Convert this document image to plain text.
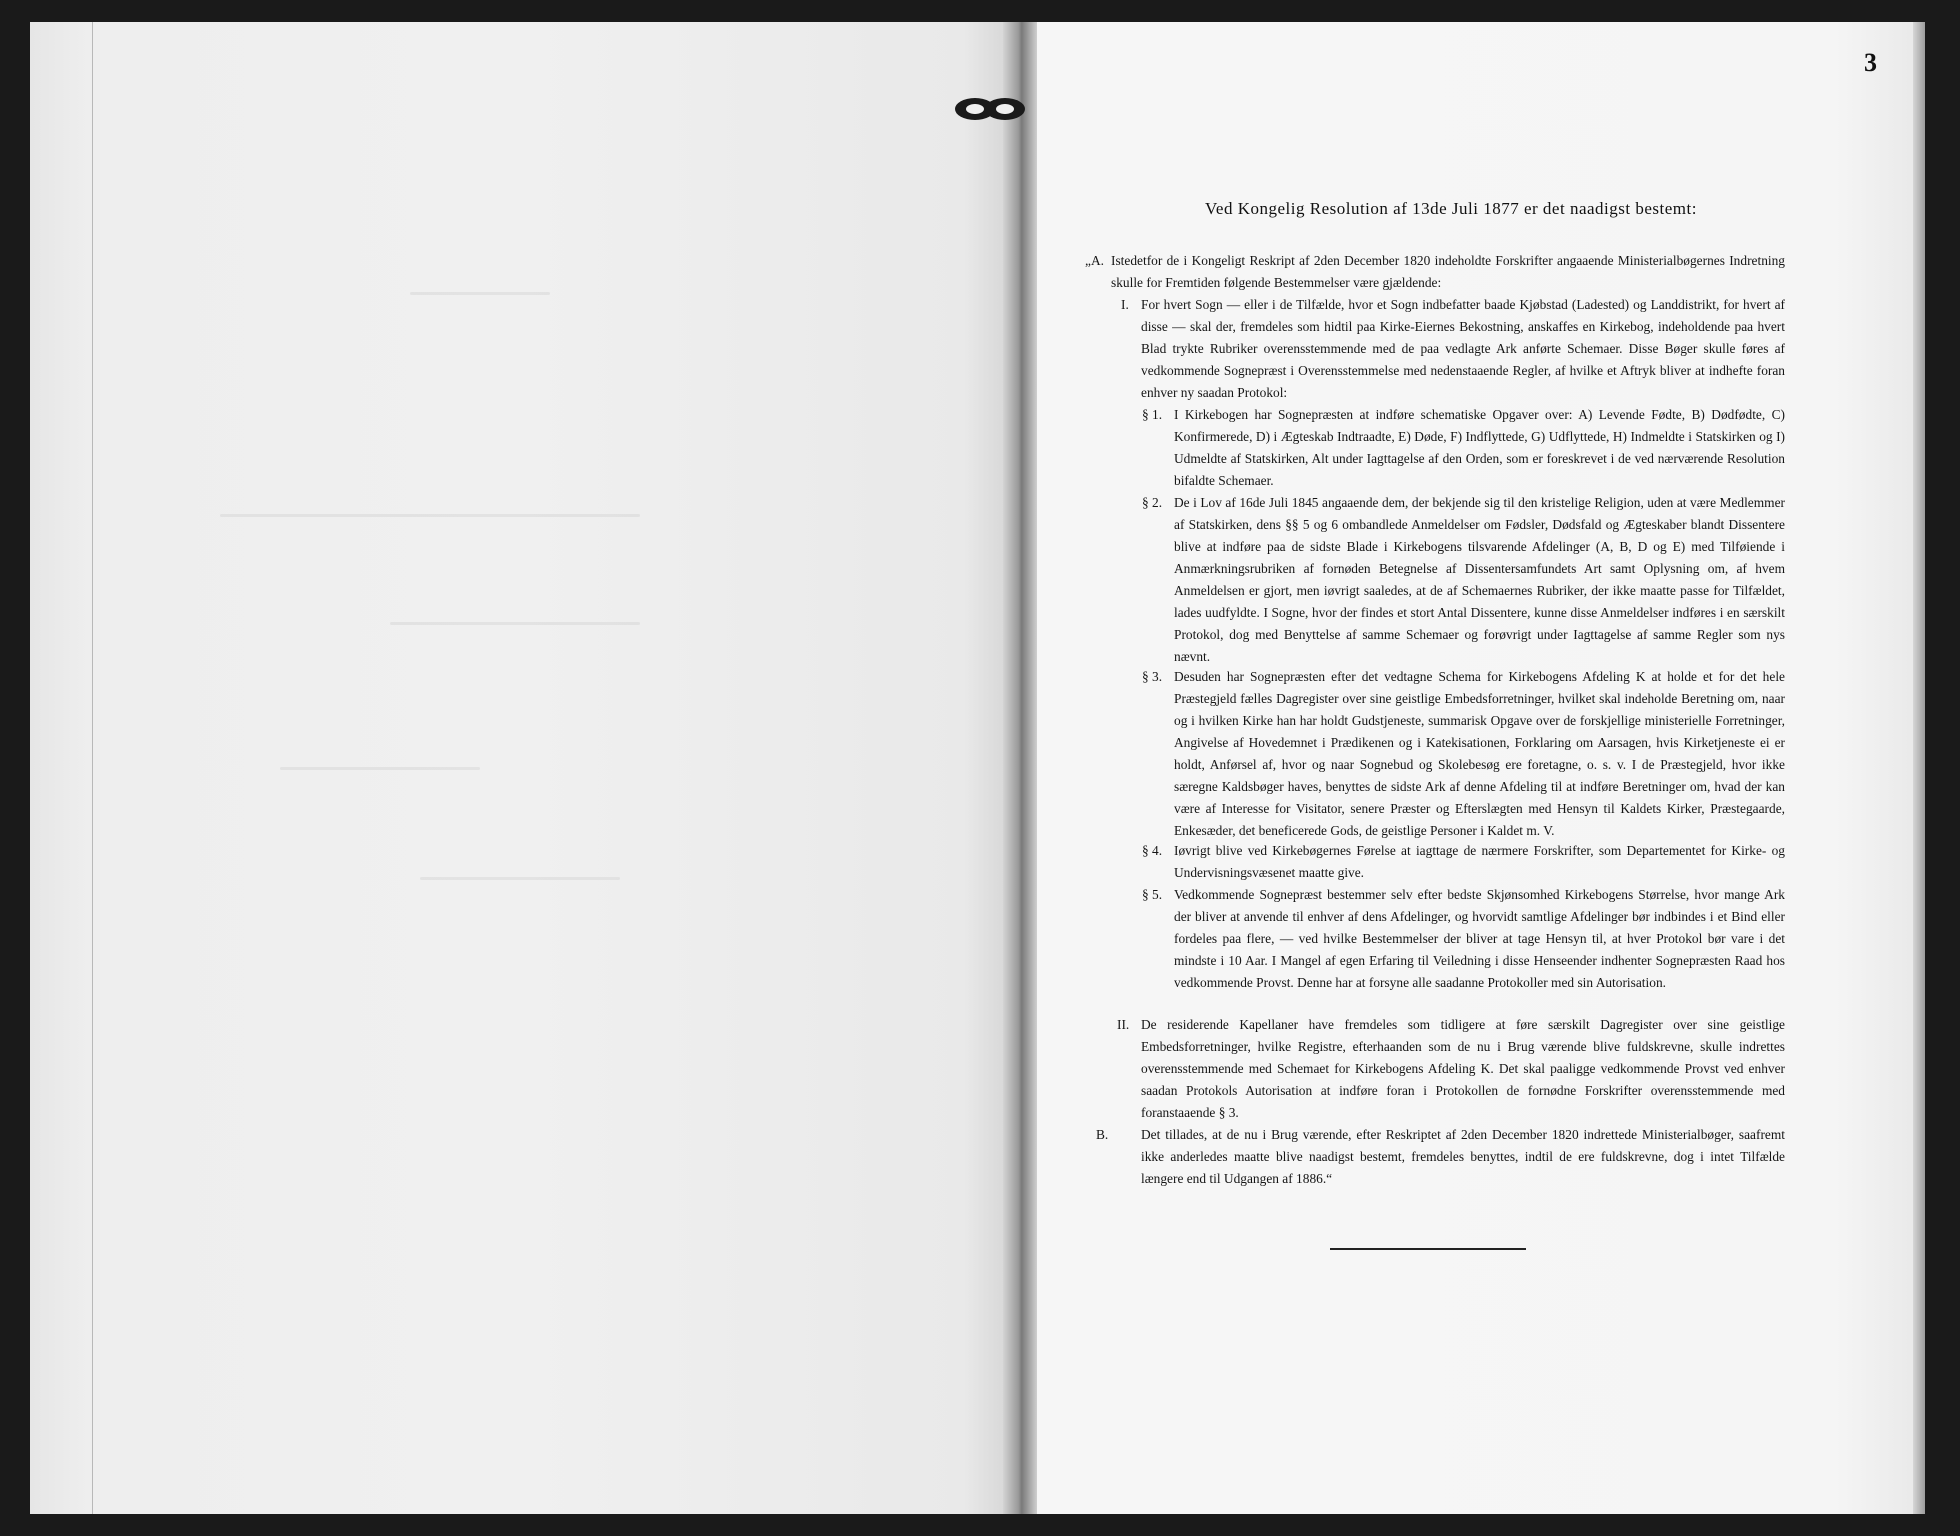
3
Ved Kongelig Resolution af 13de Juli 1877 er det naadigst bestemt:

„A. Istedetfor de i Kongeligt Reskript af 2den December 1820 indeholdte Forskrifter angaaende Ministerialbøgernes Indretning skulle for Fremtiden følgende Bestemmelser være gjældende:

I. For hvert Sogn — eller i de Tilfælde, hvor et Sogn indbefatter baade Kjøbstad (Ladested) og Landdistrikt, for hvert af disse — skal der, fremdeles som hidtil paa Kirke-Eiernes Bekostning, anskaffes en Kirkebog, indeholdende paa hvert Blad trykte Rubriker overensstemmende med de paa vedlagte Ark anførte Schemaer. Disse Bøger skulle føres af vedkommende Sognepræst i Overensstemmelse med nedenstaaende Regler, af hvilke et Aftryk bliver at indhefte foran enhver ny saadan Protokol:

§ 1. I Kirkebogen har Sognepræsten at indføre schematiske Opgaver over: A) Levende Fødte, B) Dødfødte, C) Konfirmerede, D) i Ægteskab Indtraadte, E) Døde, F) Indflyttede, G) Udflyttede, H) Indmeldte i Statskirken og I) Udmeldte af Statskirken, Alt under Iagttagelse af den Orden, som er foreskrevet i de ved nærværende Resolution bifaldte Schemaer.

§ 2. De i Lov af 16de Juli 1845 angaaende dem, der bekjende sig til den kristelige Religion, uden at være Medlemmer af Statskirken, dens §§ 5 og 6 ombandlede Anmeldelser om Fødsler, Dødsfald og Ægteskaber blandt Dissentere blive at indføre paa de sidste Blade i Kirkebogens tilsvarende Afdelinger (A, B, D og E) med Tilføiende i Anmærkningsrubriken af fornøden Betegnelse af Dissentersamfundets Art samt Oplysning om, af hvem Anmeldelsen er gjort, men iøvrigt saaledes, at de af Schemaernes Rubriker, der ikke maatte passe for Tilfældet, lades uudfyldte. I Sogne, hvor der findes et stort Antal Dissentere, kunne disse Anmeldelser indføres i en særskilt Protokol, dog med Benyttelse af samme Schemaer og forøvrigt under Iagttagelse af samme Regler som nys nævnt.

§ 3. Desuden har Sognepræsten efter det vedtagne Schema for Kirkebogens Afdeling K at holde et for det hele Præstegjeld fælles Dagregister over sine geistlige Embedsforretninger, hvilket skal indeholde Beretning om, naar og i hvilken Kirke han har holdt Gudstjeneste, summarisk Opgave over de forskjellige ministerielle Forretninger, Angivelse af Hovedemnet i Prædikenen og i Katekisationen, Forklaring om Aarsagen, hvis Kirketjeneste ei er holdt, Anførsel af, hvor og naar Sognebud og Skolebesøg ere foretagne, o. s. v. I de Præstegjeld, hvor ikke særegne Kaldsbøger haves, benyttes de sidste Ark af denne Afdeling til at indføre Beretninger om, hvad der kan være af Interesse for Visitator, senere Præster og Efterslægten med Hensyn til Kaldets Kirker, Præstegaarde, Enkesæder, det beneficerede Gods, de geistlige Personer i Kaldet m. V.

§ 4. Iøvrigt blive ved Kirkebøgernes Førelse at iagttage de nærmere Forskrifter, som Departementet for Kirke- og Undervisningsvæsenet maatte give.

§ 5. Vedkommende Sognepræst bestemmer selv efter bedste Skjønsomhed Kirkebogens Størrelse, hvor mange Ark der bliver at anvende til enhver af dens Afdelinger, og hvorvidt samtlige Afdelinger bør indbindes i et Bind eller fordeles paa flere, — ved hvilke Bestemmelser der bliver at tage Hensyn til, at hver Protokol bør vare i det mindste i 10 Aar. I Mangel af egen Erfaring til Veiledning i disse Henseender indhenter Sognepræsten Raad hos vedkommende Provst. Denne har at forsyne alle saadanne Protokoller med sin Autorisation.

II. De residerende Kapellaner have fremdeles som tidligere at føre særskilt Dagregister over sine geistlige Embedsforretninger, hvilke Registre, efterhaanden som de nu i Brug værende blive fuldskrevne, skulle indrettes overensstemmende med Schemaet for Kirkebogens Afdeling K. Det skal paaligge vedkommende Provst ved enhver saadan Protokols Autorisation at indføre foran i Protokollen de fornødne Forskrifter overensstemmende med foranstaaende § 3.

B. Det tillades, at de nu i Brug værende, efter Reskriptet af 2den December 1820 indrettede Ministerialbøger, saafremt ikke anderledes maatte blive naadigst bestemt, fremdeles benyttes, indtil de ere fuldskrevne, dog i intet Tilfælde længere end til Udgangen af 1886.“
